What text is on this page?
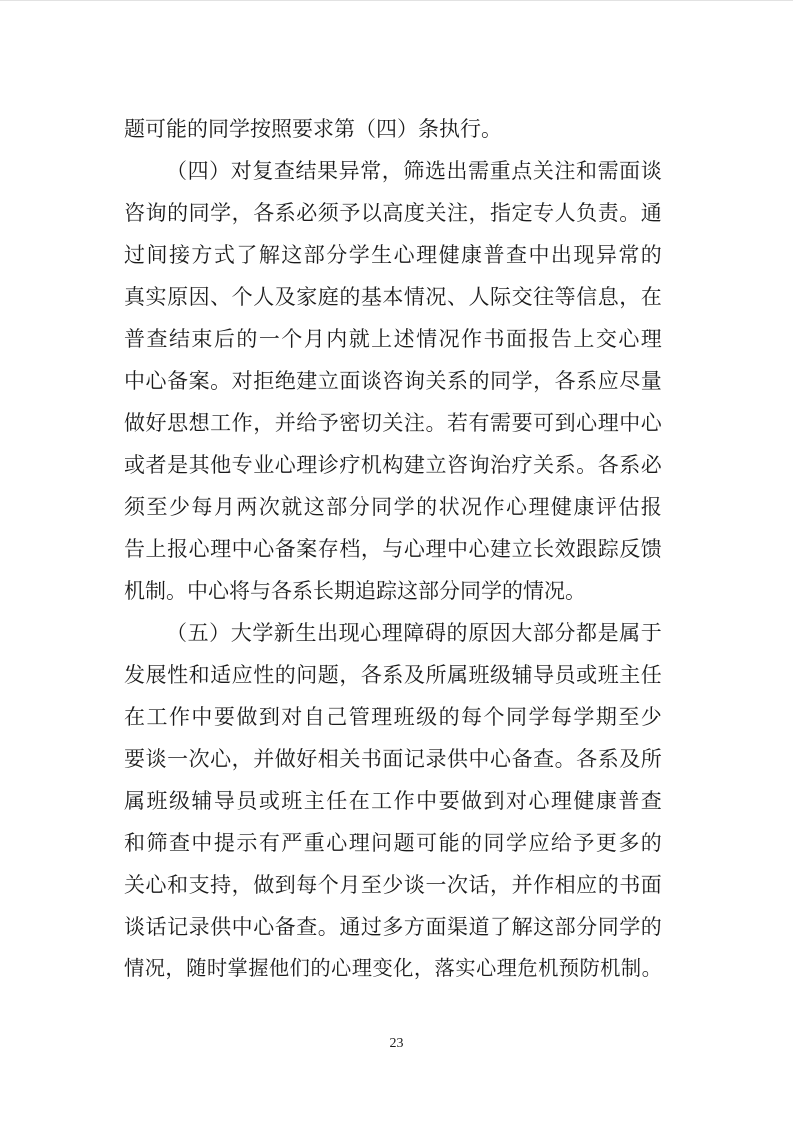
题可能的同学按照要求第（四）条执行。
（ 四 ） 对 复 查 结 果 异 常 ， 筛 选 出 需 重 点 关 注 和 需 面 谈
咨 询 的 同 学 ， 各 系 必 须 予 以 高 度 关 注 ， 指 定 专 人 负 责 。 通
过 间 接 方 式 了 解 这 部 分 学 生 心 理 健 康 普 查 中 出 现 异 常 的
真 实 原 因 、 个 人 及 家 庭 的 基 本 情 况 、 人 际 交 往 等 信 息 ， 在
普 查 结 束 后 的 一 个 月 内 就 上 述 情 况 作 书 面 报 告 上 交 心 理
中 心 备 案 。 对 拒 绝 建 立 面 谈 咨 询 关 系 的 同 学 ， 各 系 应 尽 量
做 好 思 想 工 作 ， 并 给 予 密 切 关 注 。 若 有 需 要 可 到 心 理 中 心
或 者 是 其 他 专 业 心 理 诊 疗 机 构 建 立 咨 询 治 疗 关 系 。 各 系 必
须 至 少 每 月 两 次 就 这 部 分 同 学 的 状 况 作 心 理 健 康 评 估 报
告 上 报 心 理 中 心 备 案 存 档 ， 与 心 理 中 心 建 立 长 效 跟 踪 反 馈
机制。中心将与各系长期追踪这部分同学的情况。
（ 五 ） 大 学 新 生 出 现 心 理 障 碍 的 原 因 大 部 分 都 是 属 于
发 展 性 和 适 应 性 的 问 题 ， 各 系 及 所 属 班 级 辅 导 员 或 班 主 任
在 工 作 中 要 做 到 对 自 己 管 理 班 级 的 每 个 同 学 每 学 期 至 少
要 谈 一 次 心 ， 并 做 好 相 关 书 面 记 录 供 中 心 备 查 。 各 系 及 所
属 班 级 辅 导 员 或 班 主 任 在 工 作 中 要 做 到 对 心 理 健 康 普 查
和 筛 查 中 提 示 有 严 重 心 理 问 题 可 能 的 同 学 应 给 予 更 多 的
关 心 和 支 持 ， 做 到 每 个 月 至 少 谈 一 次 话 ， 并 作 相 应 的 书 面
谈 话 记 录 供 中 心 备 查 。 通 过 多 方 面 渠 道 了 解 这 部 分 同 学 的
情 况 ， 随 时 掌 握 他 们 的 心 理 变 化 ， 落 实 心 理 危 机 预 防 机 制 。
23
